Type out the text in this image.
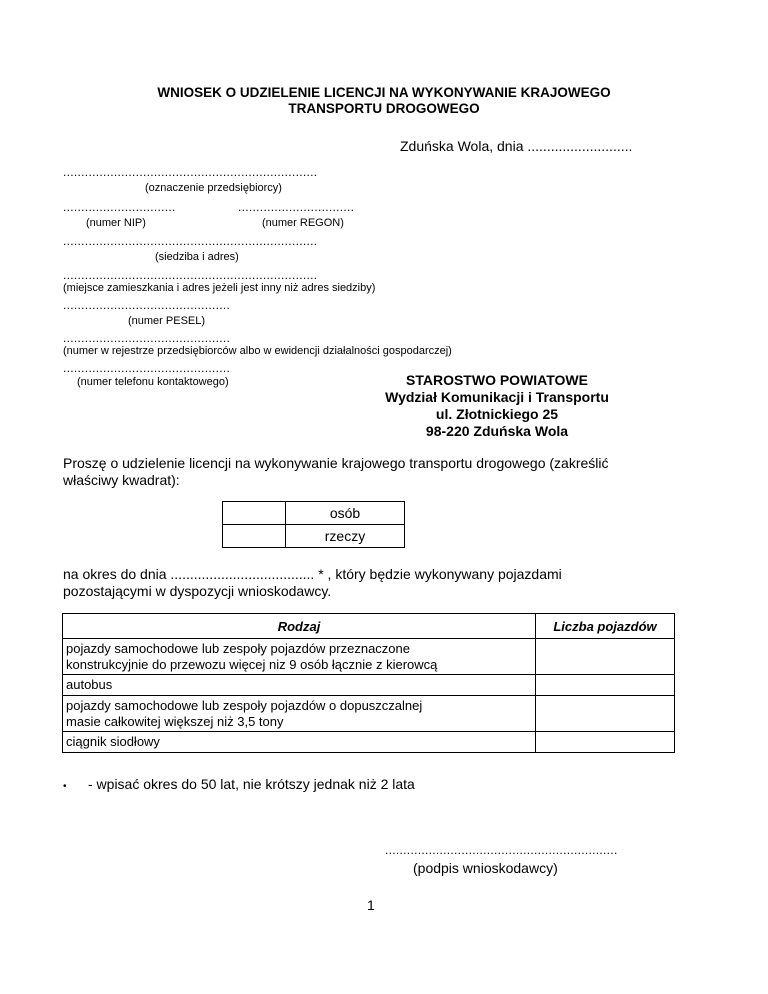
WNIOSEK O UDZIELENIE LICENCJI NA WYKONYWANIE KRAJOWEGO
TRANSPORTU DROGOWEGO
Zduńska Wola, dnia ...........................
......................................................................
(oznaczenie przedsiębiorcy)
...............................	................................
(numer NIP)	(numer REGON)
......................................................................
(siedziba i adres)
......................................................................
(miejsce zamieszkania i adres jeżeli jest inny niż adres siedziby)
..............................................
(numer PESEL)
..............................................
(numer w rejestrze przedsiębiorców albo w ewidencji działalności gospodarczej)
..............................................
(numer telefonu kontaktowego)	STAROSTWO POWIATOWE
Wydział Komunikacji i Transportu
ul. Złotnickiego 25
98-220 Zduńska Wola
Proszę o udzielenie licencji na wykonywanie krajowego transportu drogowego (zakreślić
właściwy kwadrat):
	osób
	rzeczy
na okres do dnia ..................................... * , który będzie wykonywany pojazdami
pozostającymi w dyspozycji wnioskodawcy.
Rodzaj	Liczba pojazdów
pojazdy samochodowe lub zespoły pojazdów przeznaczone
konstrukcyjnie do przewozu więcej niz 9 osób łącznie z kierowcą	
autobus	
pojazdy samochodowe lub zespoły pojazdów o dopuszczalnej
masie całkowitej większej niż 3,5 tony	
ciągnik siodłowy	
• - wpisać okres do 50 lat, nie krótszy jednak niż 2 lata
................................................................
(podpis wnioskodawcy)
1
